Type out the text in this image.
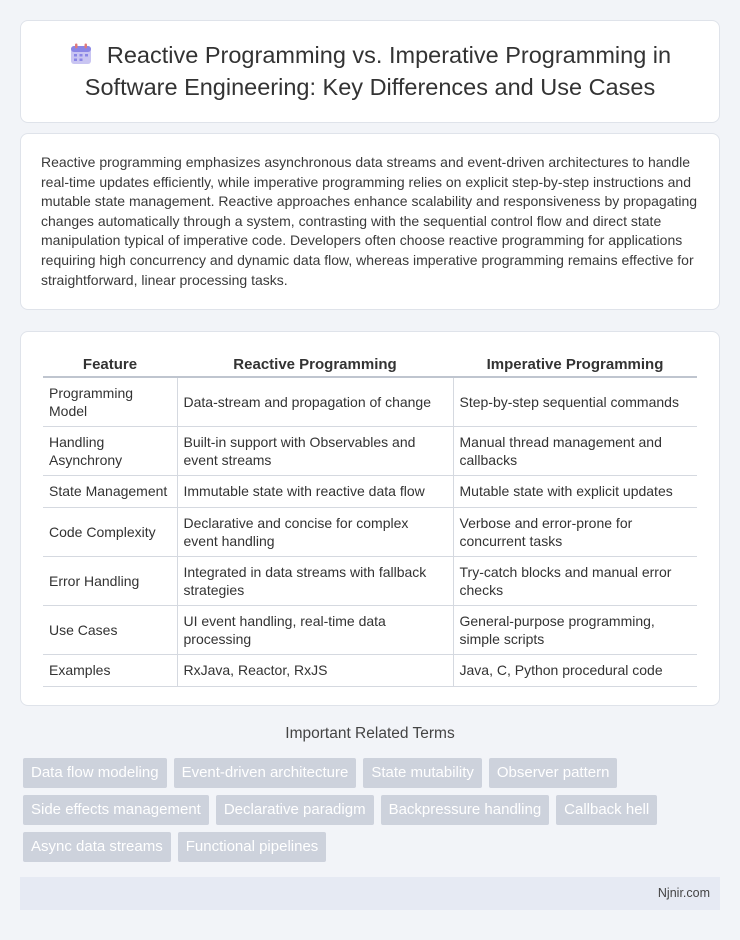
Reactive Programming vs. Imperative Programming in Software Engineering: Key Differences and Use Cases

Reactive programming emphasizes asynchronous data streams and event-driven architectures to handle real-time updates efficiently, while imperative programming relies on explicit step-by-step instructions and mutable state management. Reactive approaches enhance scalability and responsiveness by propagating changes automatically through a system, contrasting with the sequential control flow and direct state manipulation typical of imperative code. Developers often choose reactive programming for applications requiring high concurrency and dynamic data flow, whereas imperative programming remains effective for straightforward, linear processing tasks.

Feature	Reactive Programming	Imperative Programming
Programming Model	Data-stream and propagation of change	Step-by-step sequential commands
Handling Asynchrony	Built-in support with Observables and event streams	Manual thread management and callbacks
State Management	Immutable state with reactive data flow	Mutable state with explicit updates
Code Complexity	Declarative and concise for complex event handling	Verbose and error-prone for concurrent tasks
Error Handling	Integrated in data streams with fallback strategies	Try-catch blocks and manual error checks
Use Cases	UI event handling, real-time data processing	General-purpose programming, simple scripts
Examples	RxJava, Reactor, RxJS	Java, C, Python procedural code
Important Related Terms
Data flow modeling	Event-driven architecture	State mutability	Observer pattern
Side effects management	Declarative paradigm	Backpressure handling	Callback hell
Async data streams	Functional pipelines
Njnir.com
